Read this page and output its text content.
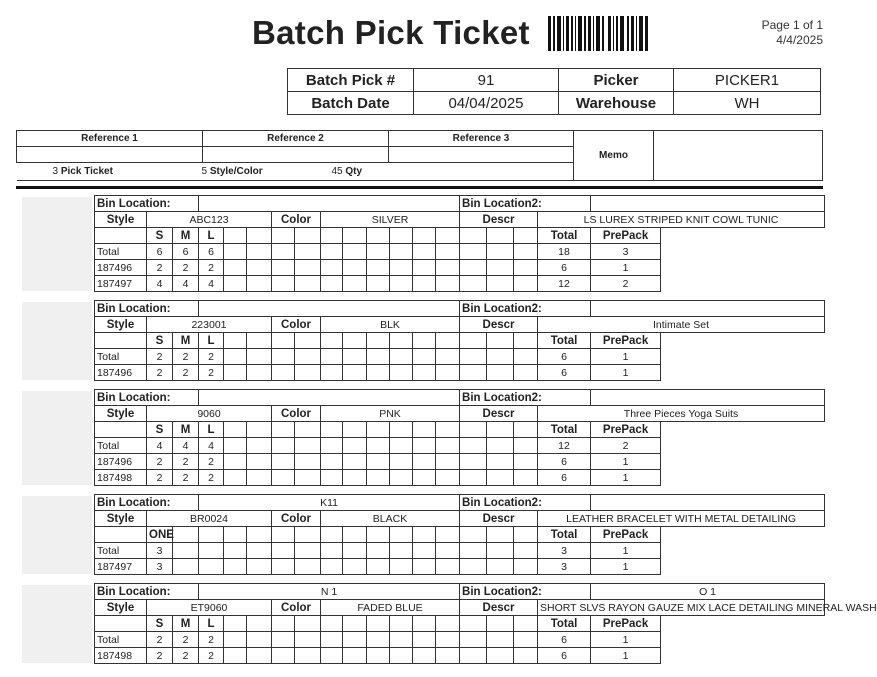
Batch Pick Ticket	Page 1 of 1
4/4/2025
Batch Pick #	91	Picker	PICKER1
Batch Date	04/04/2025	Warehouse	WH
Reference 1	Reference 2	Reference 3	Memo	

3 Pick Ticket 5 Style/Color 45 Qty				
Bin Location:														Bin Location2:				
Style	ABC123					Color		SILVER						Descr			LS LUREX STRIPED KNIT COWL TUNIC	
	S	M	L														Total	PrePack
Total	6	6	6														18	3
187496	2	2	2														6	1
187497	4	4	4														12	2
Bin Location:														Bin Location2:				
Style	223001					Color		BLK						Descr			Intimate Set	
	S	M	L														Total	PrePack
Total	2	2	2														6	1
187496	2	2	2														6	1
Bin Location:														Bin Location2:				
Style	9060					Color		PNK						Descr			Three Pieces Yoga Suits	
	S	M	L														Total	PrePack
Total	4	4	4														12	2
187496	2	2	2														6	1
187498	2	2	2														6	1
Bin Location:			K11											Bin Location2:				
Style	BR0024					Color		BLACK						Descr			LEATHER BRACELET WITH METAL DETAILING	
	ONE																Total	PrePack
Total	3																3	1
187497	3																3	1
Bin Location:			N 1											Bin Location2:				O 1
Style	ET9060					Color		FADED BLUE						Descr			SHORT SLVS RAYON GAUZE MIX LACE DETAILING MINERAL WASH	
	S	M	L														Total	PrePack
Total	2	2	2														6	1
187498	2	2	2														6	1
